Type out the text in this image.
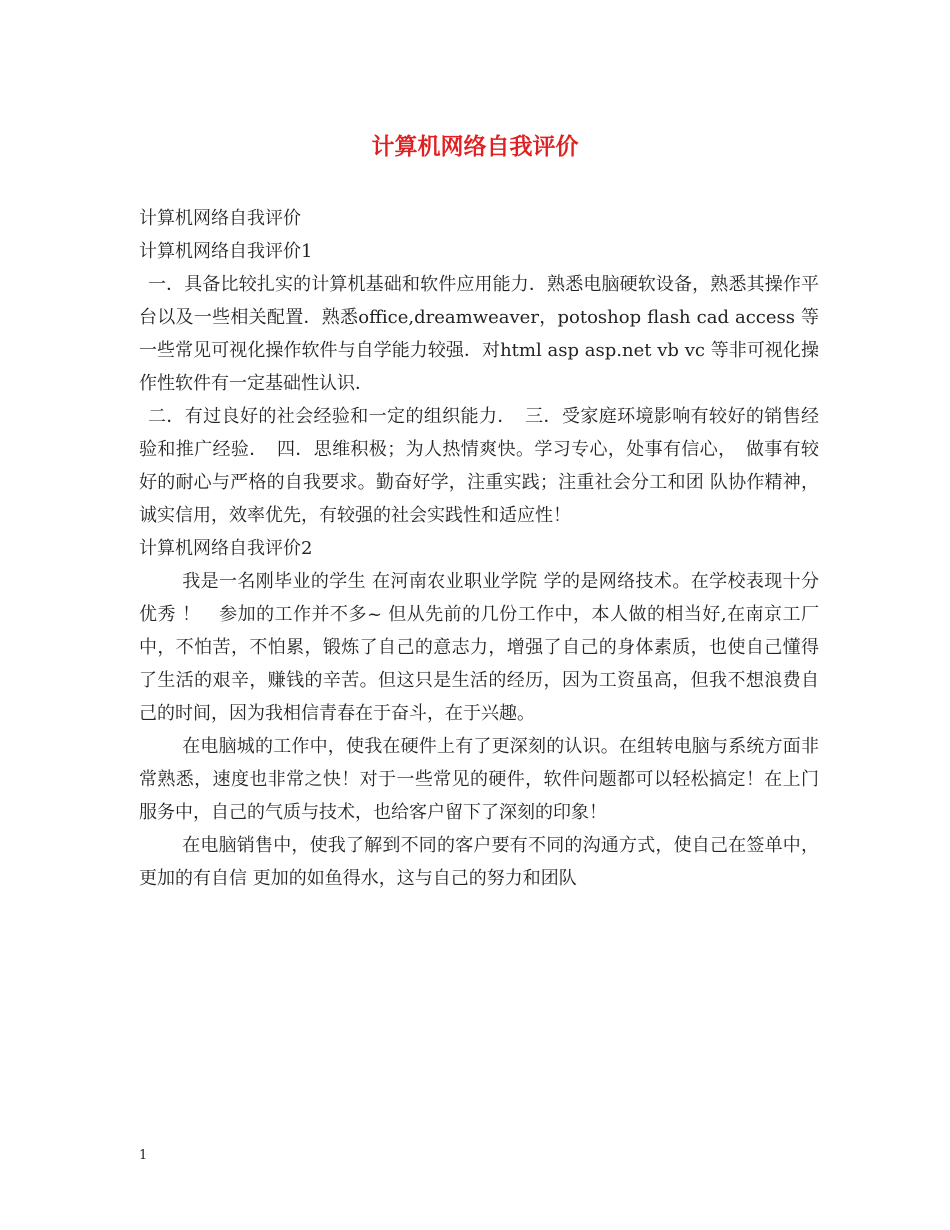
计算机网络自我评价

计算机网络自我评价

计算机网络自我评价1

一．具备比较扎实的计算机基础和软件应用能力．熟悉电脑硬软设备，熟悉其操作平台以及一些相关配置．熟悉office,dreamweaver，potoshop flash cad access 等一些常见可视化操作软件与自学能力较强．对html asp asp.net vb vc 等非可视化操作性软件有一定基础性认识．

二．有过良好的社会经验和一定的组织能力．　三．受家庭环境影响有较好的销售经验和推广经验．　四．思维积极；为人热情爽快。学习专心，处事有信心，　做事有较好的耐心与严格的自我要求。勤奋好学，注重实践；注重社会分工和团 队协作精神，诚实信用，效率优先，有较强的社会实践性和适应性！

计算机网络自我评价2

我是一名刚毕业的学生 在河南农业职业学院 学的是网络技术。在学校表现十分优秀 ！　参加的工作并不多~ 但从先前的几份工作中，本人做的相当好,在南京工厂中，不怕苦，不怕累，锻炼了自己的意志力，增强了自己的身体素质，也使自己懂得了生活的艰辛，赚钱的辛苦。但这只是生活的经历，因为工资虽高，但我不想浪费自己的时间，因为我相信青春在于奋斗，在于兴趣。

在电脑城的工作中，使我在硬件上有了更深刻的认识。在组转电脑与系统方面非常熟悉，速度也非常之快！对于一些常见的硬件，软件问题都可以轻松搞定！在上门服务中，自己的气质与技术，也给客户留下了深刻的印象！

在电脑销售中，使我了解到不同的客户要有不同的沟通方式，使自己在签单中，更加的有自信 更加的如鱼得水，这与自己的努力和团队

1
